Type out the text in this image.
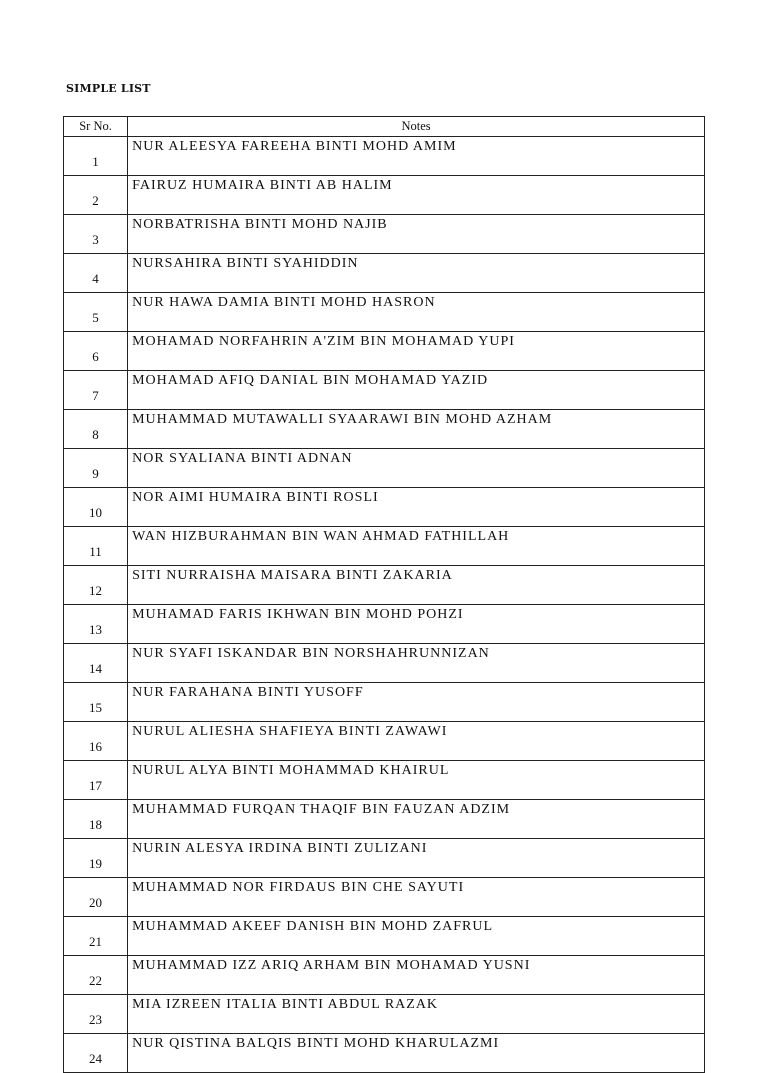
SIMPLE LIST
Sr No.	Notes
1	NUR ALEESYA FAREEHA BINTI MOHD AMIM
2	FAIRUZ HUMAIRA BINTI AB HALIM
3	NORBATRISHA BINTI MOHD NAJIB
4	NURSAHIRA BINTI SYAHIDDIN
5	NUR HAWA DAMIA BINTI MOHD HASRON
6	MOHAMAD NORFAHRIN A'ZIM BIN MOHAMAD YUPI
7	MOHAMAD AFIQ DANIAL BIN MOHAMAD YAZID
8	MUHAMMAD MUTAWALLI SYAARAWI BIN MOHD AZHAM
9	NOR SYALIANA BINTI ADNAN
10	NOR AIMI HUMAIRA BINTI ROSLI
11	WAN HIZBURAHMAN BIN WAN AHMAD FATHILLAH
12	SITI NURRAISHA MAISARA BINTI ZAKARIA
13	MUHAMAD FARIS IKHWAN BIN MOHD POHZI
14	NUR SYAFI ISKANDAR BIN NORSHAHRUNNIZAN
15	NUR FARAHANA BINTI YUSOFF
16	NURUL ALIESHA SHAFIEYA BINTI ZAWAWI
17	NURUL ALYA BINTI MOHAMMAD KHAIRUL
18	MUHAMMAD FURQAN THAQIF BIN FAUZAN ADZIM
19	NURIN ALESYA IRDINA BINTI ZULIZANI
20	MUHAMMAD NOR FIRDAUS BIN CHE SAYUTI
21	MUHAMMAD AKEEF DANISH BIN MOHD ZAFRUL
22	MUHAMMAD IZZ ARIQ ARHAM BIN MOHAMAD YUSNI
23	MIA IZREEN ITALIA BINTI ABDUL RAZAK
24	NUR QISTINA BALQIS BINTI MOHD KHARULAZMI
